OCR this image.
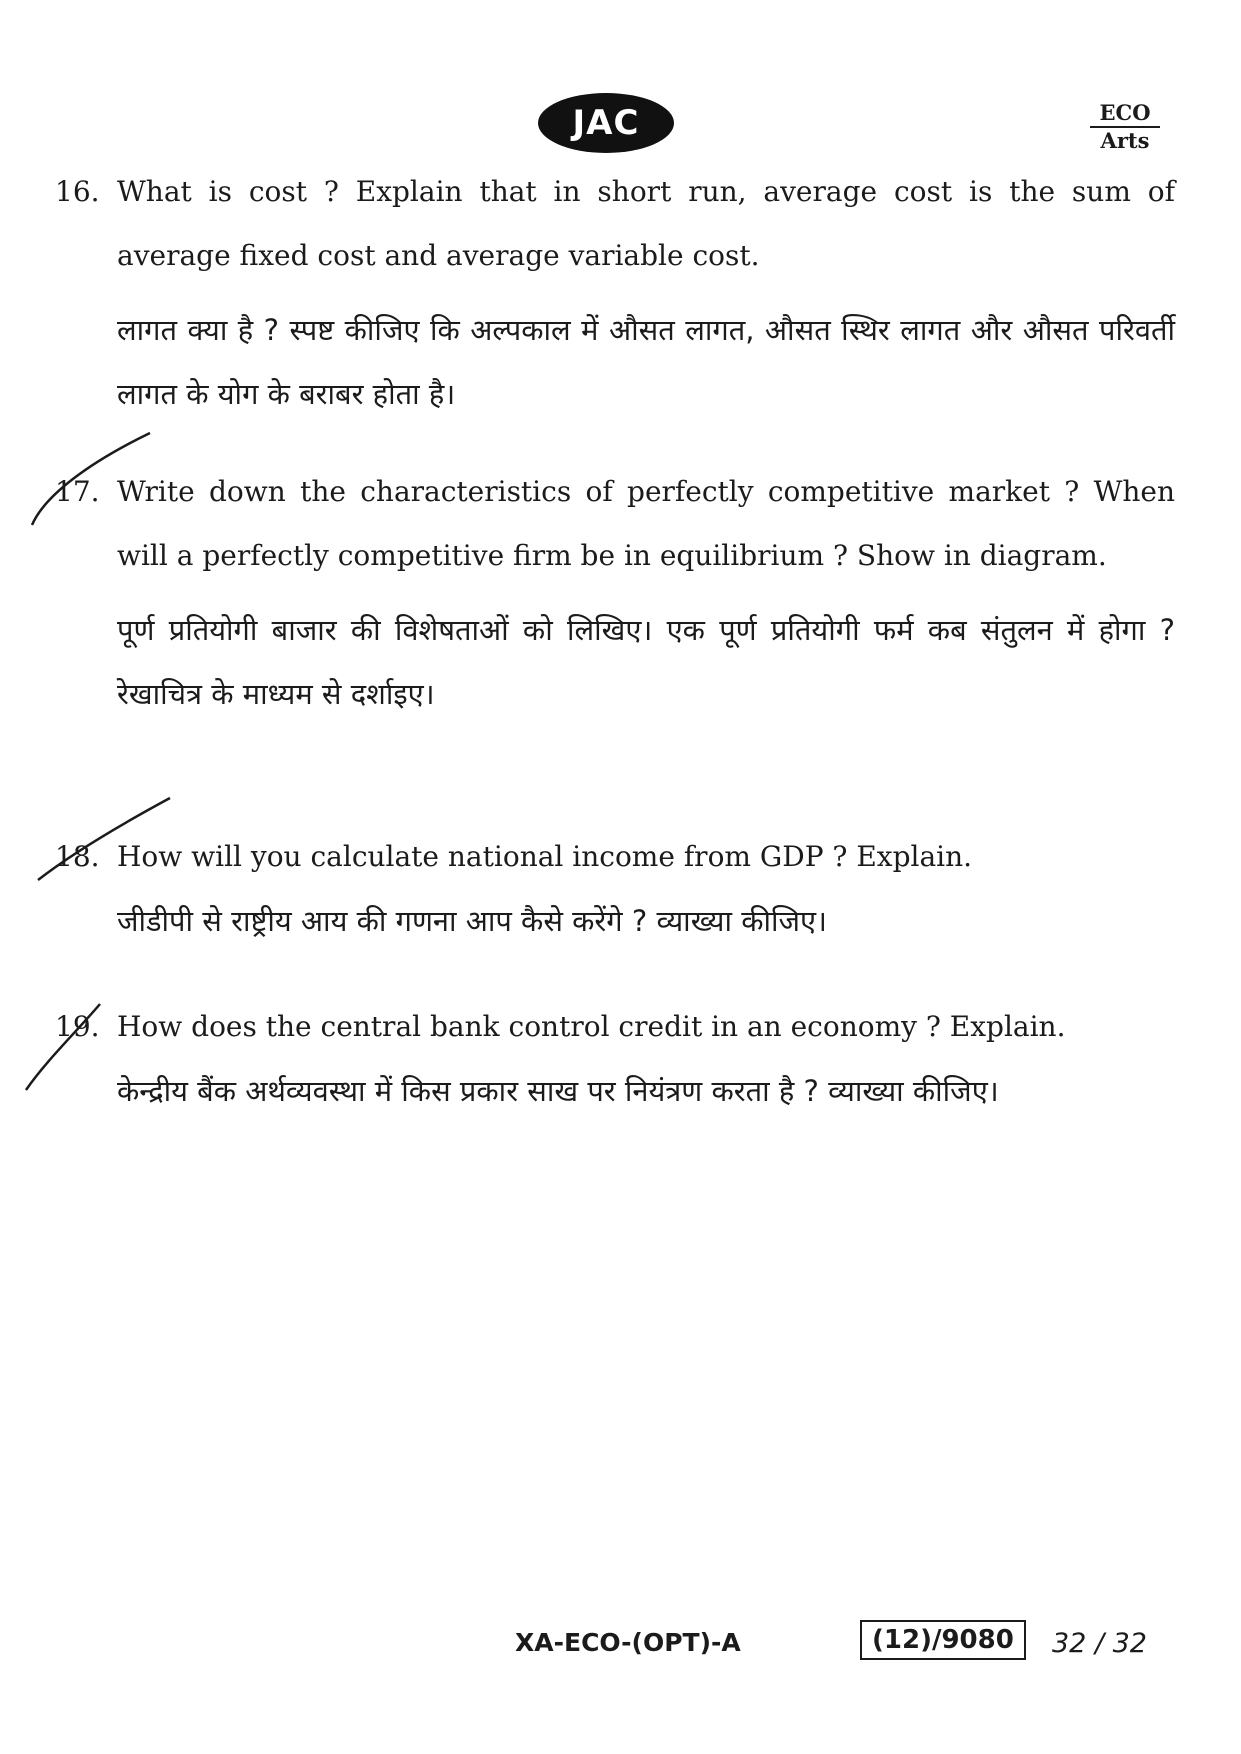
JAC	ECO
Arts
16. What is cost ? Explain that in short run, average cost is the sum of average fixed cost and average variable cost.
लागत क्या है ? स्पष्ट कीजिए कि अल्पकाल में औसत लागत, औसत स्थिर लागत और औसत परिवर्ती लागत के योग के बराबर होता है।
17. Write down the characteristics of perfectly competitive market ? When will a perfectly competitive firm be in equilibrium ? Show in diagram.
पूर्ण प्रतियोगी बाजार की विशेषताओं को लिखिए। एक पूर्ण प्रतियोगी फर्म कब संतुलन में होगा ? रेखाचित्र के माध्यम से दर्शाइए।
18. How will you calculate national income from GDP ? Explain.
जीडीपी से राष्ट्रीय आय की गणना आप कैसे करेंगे ? व्याख्या कीजिए।
19. How does the central bank control credit in an economy ? Explain.
केन्द्रीय बैंक अर्थव्यवस्था में किस प्रकार साख पर नियंत्रण करता है ? व्याख्या कीजिए।
XA-ECO-(OPT)-A	(12)/9080	32 / 32
